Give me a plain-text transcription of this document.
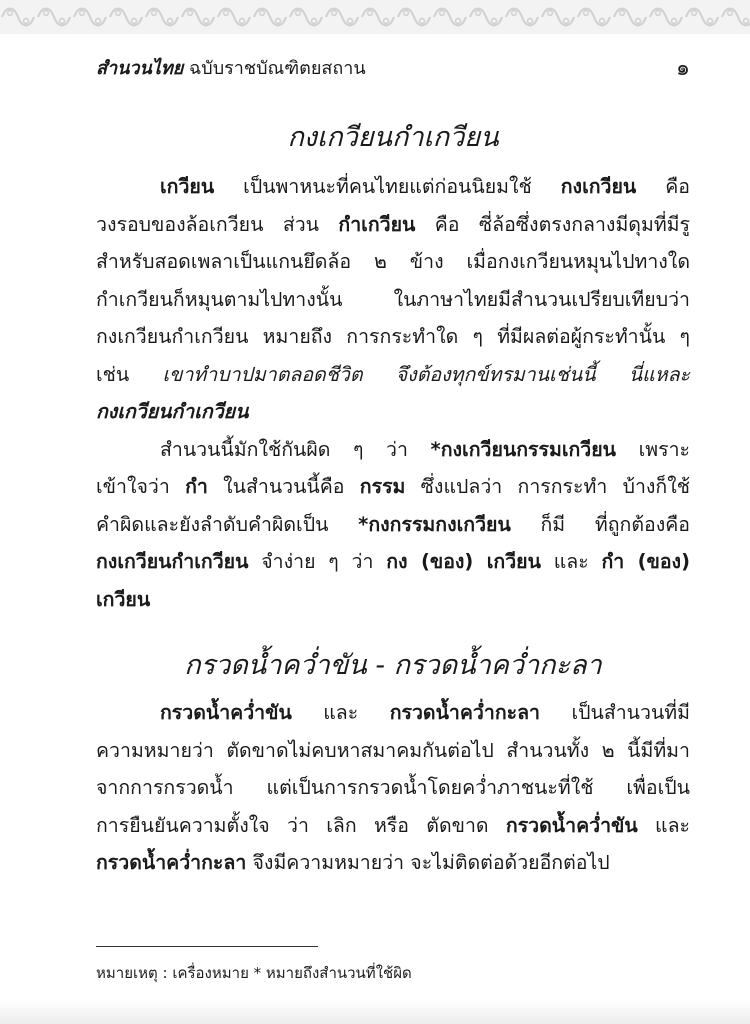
สำนวนไทย ฉบับราชบัณฑิตยสถาน	๑
กงเกวียนกำเกวียน

เกวียน เป็นพาหนะที่คนไทยแต่ก่อนนิยมใช้ กงเกวียน คือ
วงรอบของล้อเกวียน ส่วน กำเกวียน คือ ซี่ล้อซึ่งตรงกลางมีดุมที่มีรู
สำหรับสอดเพลาเป็นแกนยึดล้อ ๒ ข้าง เมื่อกงเกวียนหมุนไปทางใด
กำเกวียนก็หมุนตามไปทางนั้น ในภาษาไทยมีสำนวนเปรียบเทียบว่า
กงเกวียนกำเกวียน หมายถึง การกระทำใด ๆ ที่มีผลต่อผู้กระทำนั้น ๆ
เช่น เขาทำบาปมาตลอดชีวิต จึงต้องทุกข์ทรมานเช่นนี้ นี่แหละ
กงเกวียนกำเกวียน

สำนวนนี้มักใช้กันผิด ๆ ว่า *กงเกวียนกรรมเกวียน เพราะ
เข้าใจว่า กำ ในสำนวนนี้คือ กรรม ซึ่งแปลว่า การกระทำ บ้างก็ใช้
คำผิดและยังลำดับคำผิดเป็น *กงกรรมกงเกวียน ก็มี ที่ถูกต้องคือ
กงเกวียนกำเกวียน จำง่าย ๆ ว่า กง (ของ) เกวียน และ กำ (ของ)
เกวียน

กรวดน้ำคว่ำขัน - กรวดน้ำคว่ำกะลา

กรวดน้ำคว่ำขัน และ กรวดน้ำคว่ำกะลา เป็นสำนวนที่มี
ความหมายว่า ตัดขาดไม่คบหาสมาคมกันต่อไป สำนวนทั้ง ๒ นี้มีที่มา
จากการกรวดน้ำ แต่เป็นการกรวดน้ำโดยคว่ำภาชนะที่ใช้ เพื่อเป็น
การยืนยันความตั้งใจ ว่า เลิก หรือ ตัดขาด กรวดน้ำคว่ำขัน และ
กรวดน้ำคว่ำกะลา จึงมีความหมายว่า จะไม่ติดต่อด้วยอีกต่อไป

หมายเหตุ : เครื่องหมาย * หมายถึงสำนวนที่ใช้ผิด
